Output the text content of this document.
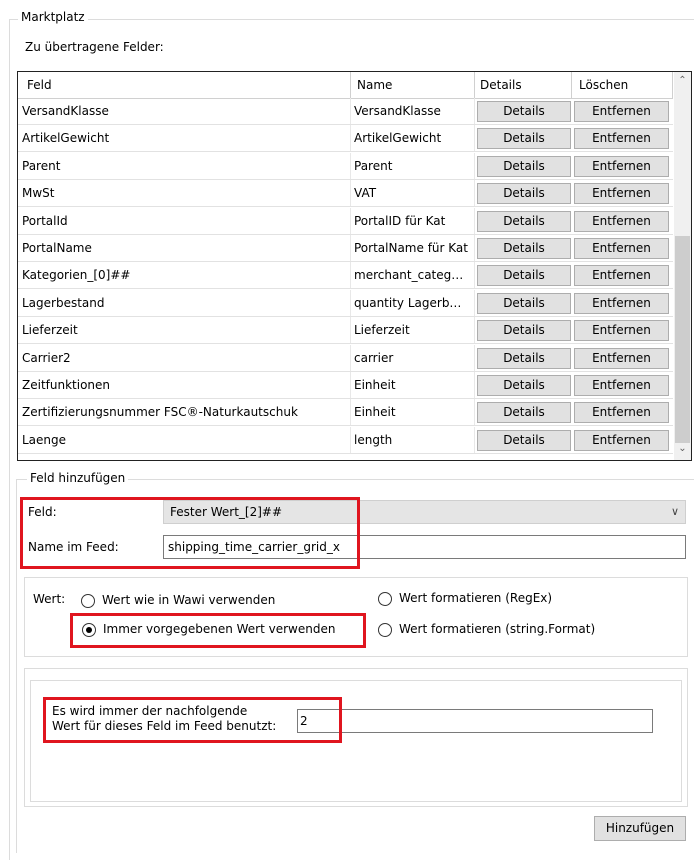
Marktplatz
Zu übertragene Felder:
Feld	Name	Details	Löschen
VersandKlasse	VersandKlasse	Details	Entfernen
ArtikelGewicht	ArtikelGewicht	Details	Entfernen
Parent	Parent	Details	Entfernen
MwSt	VAT	Details	Entfernen
PortalId	PortalID für Kat	Details	Entfernen
PortalName	PortalName für Kat	Details	Entfernen
Kategorien_[0]##	merchant_categ…	Details	Entfernen
Lagerbestand	quantity Lagerb…	Details	Entfernen
Lieferzeit	Lieferzeit	Details	Entfernen
Carrier2	carrier	Details	Entfernen
Zeitfunktionen	Einheit	Details	Entfernen
Zertifizierungsnummer FSC®-Naturkautschuk	Einheit	Details	Entfernen
Laenge	length	Details	Entfernen
⌃
⌄
Feld hinzufügen
Feld:	Fester Wert_[2]##	∨
Name im Feed:	shipping_time_carrier_grid_x
Wert:	Wert wie in Wawi verwenden	Wert formatieren (RegEx)
Immer vorgegebenen Wert verwenden	Wert formatieren (string.Format)
Es wird immer der nachfolgende
Wert für dieses Feld im Feed benutzt: 2
Hinzufügen
